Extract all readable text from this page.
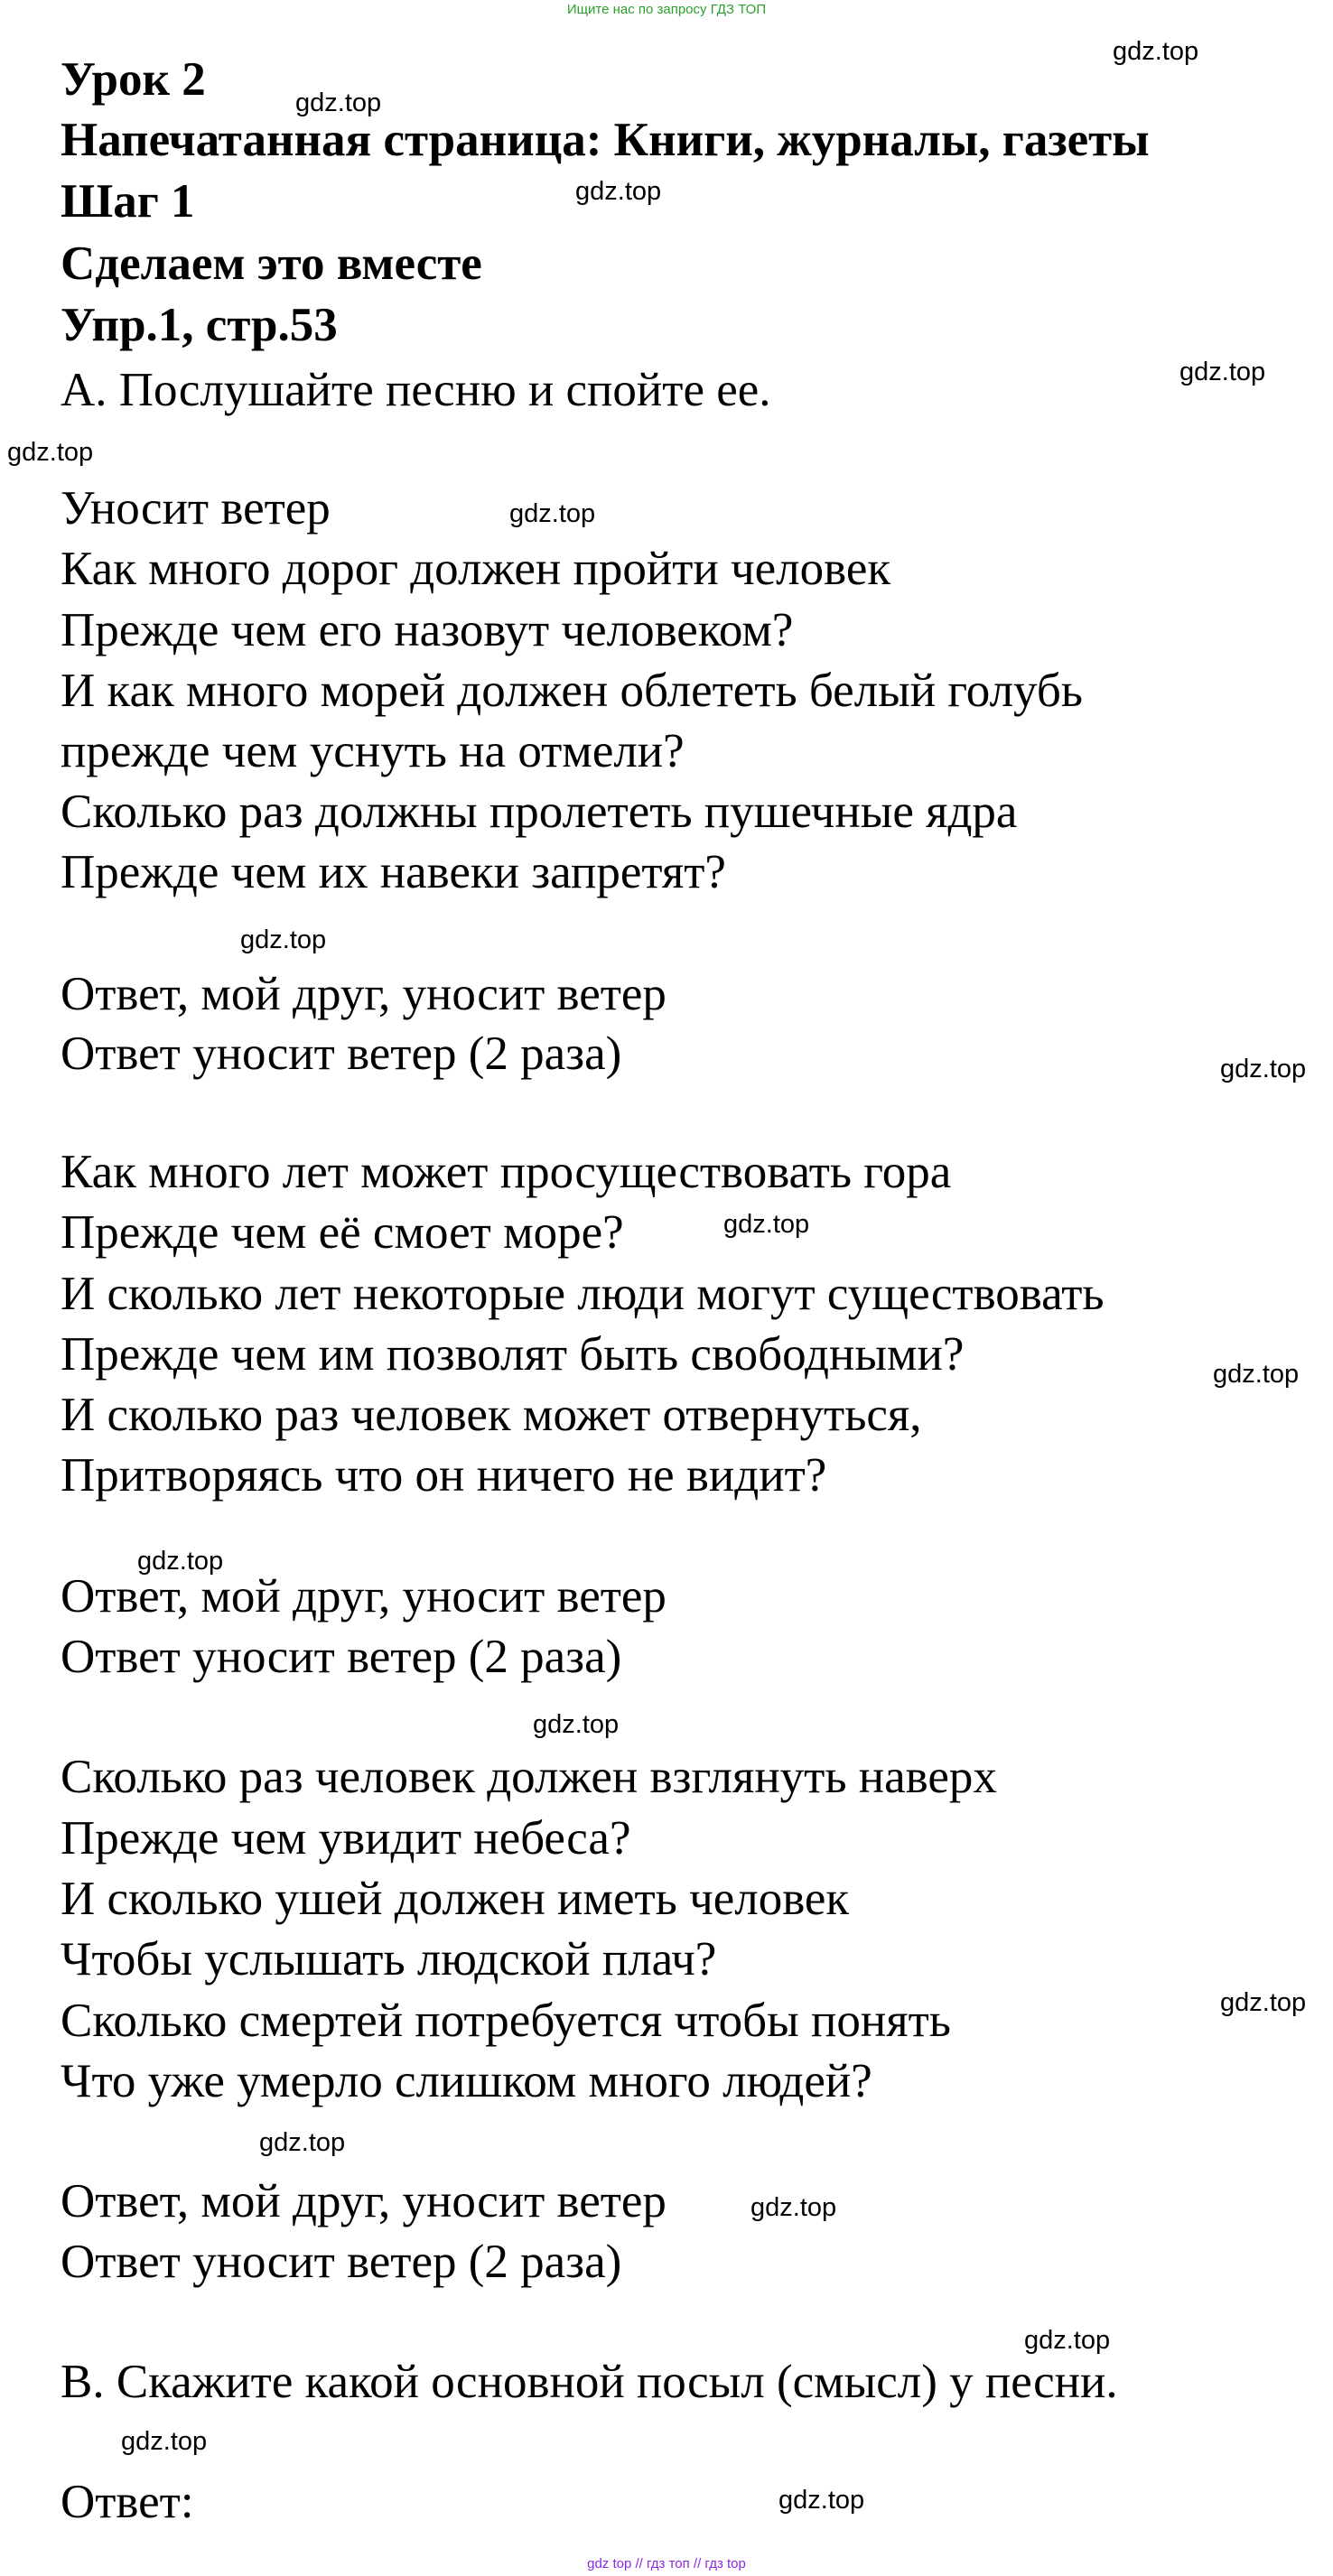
Ищите нас по запросу ГДЗ ТОП
Урок 2
Напечатанная страница: Книги, журналы, газеты
Шаг 1
Сделаем это вместе
Упр.1, стр.53
A. Послушайте песню и спойте ее.
Уносит ветер
Как много дорог должен пройти человек
Прежде чем его назовут человеком?
И как много морей должен облететь белый голубь
прежде чем уснуть на отмели?
Сколько раз должны пролететь пушечные ядра
Прежде чем их навеки запретят?
Ответ, мой друг, уносит ветер
Ответ уносит ветер (2 раза)
Как много лет может просуществовать гора
Прежде чем её смоет море?
И сколько лет некоторые люди могут существовать
Прежде чем им позволят быть свободными?
И сколько раз человек может отвернуться,
Притворяясь что он ничего не видит?
Ответ, мой друг, уносит ветер
Ответ уносит ветер (2 раза)
Сколько раз человек должен взглянуть наверх
Прежде чем увидит небеса?
И сколько ушей должен иметь человек
Чтобы услышать людской плач?
Сколько смертей потребуется чтобы понять
Что уже умерло слишком много людей?
Ответ, мой друг, уносит ветер
Ответ уносит ветер (2 раза)
B. Скажите какой основной посыл (смысл) у песни.
Ответ:
gdz.top
gdz.top
gdz.top
gdz.top
gdz.top
gdz.top
gdz.top
gdz.top
gdz.top
gdz.top
gdz.top
gdz.top
gdz.top
gdz.top
gdz.top
gdz.top
gdz.top
gdz.top
gdz top // гдз топ // гдз top
